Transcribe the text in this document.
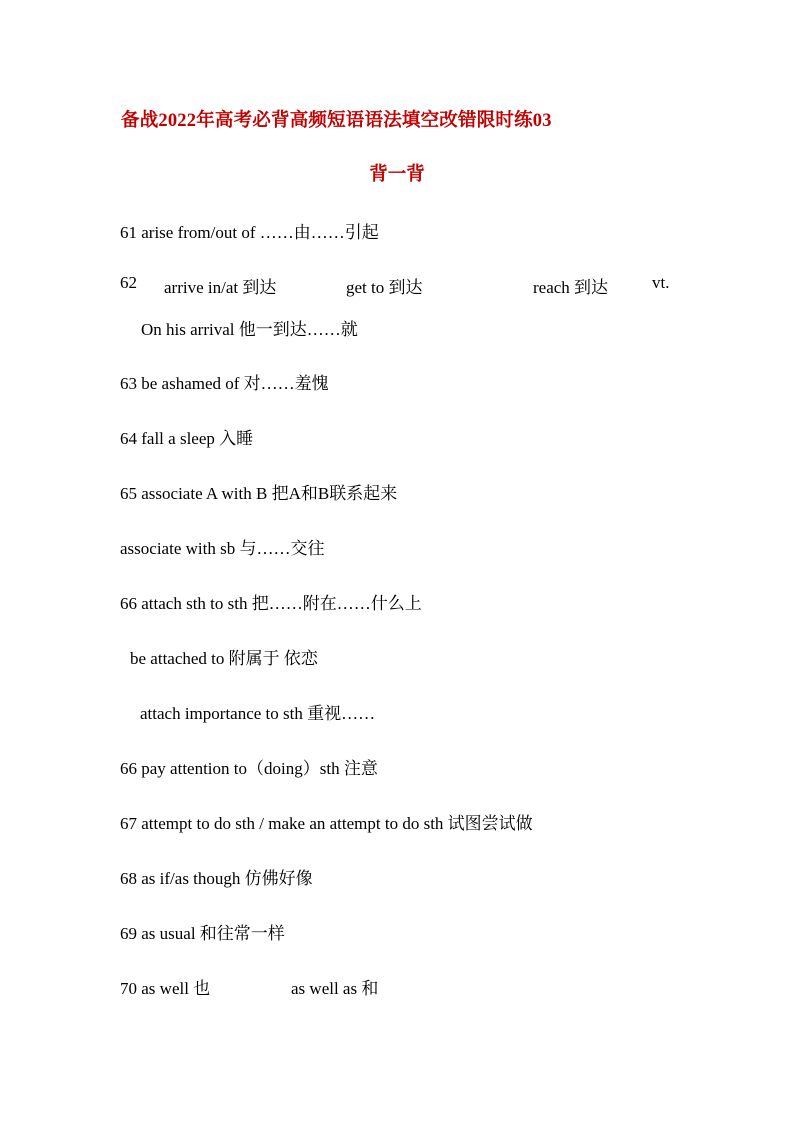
备战2022年高考必背高频短语语法填空改错限时练03
背一背
61 arise from/out of ……由……引起
62 arrive in/at 到达	get to 到达	reach 到达	vt.
On his arrival 他一到达……就
63 be ashamed of 对……羞愧
64 fall a sleep 入睡
65 associate A with B 把A和B联系起来
associate with sb 与……交往
66 attach sth to sth 把……附在……什么上
be attached to 附属于 依恋
attach importance to sth 重视……
66 pay attention to（doing）sth 注意
67 attempt to do sth / make an attempt to do sth 试图尝试做
68 as if/as though 仿佛好像
69 as usual 和往常一样
70 as well 也	as well as 和
